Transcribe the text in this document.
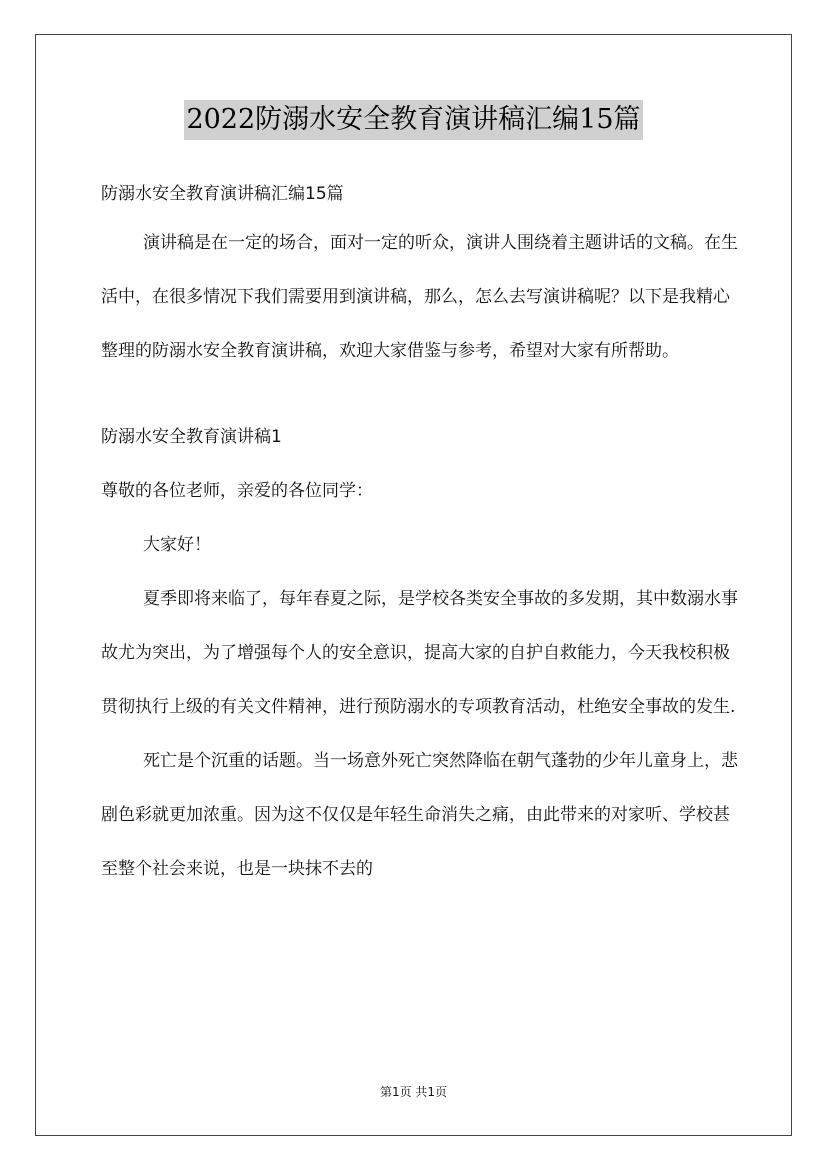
2022防溺水安全教育演讲稿汇编15篇
防溺水安全教育演讲稿汇编15篇

演讲稿是在一定的场合，面对一定的听众，演讲人围绕着主题讲话的文稿。在生活中，在很多情况下我们需要用到演讲稿，那么，怎么去写演讲稿呢？以下是我精心整理的防溺水安全教育演讲稿，欢迎大家借鉴与参考，希望对大家有所帮助。

防溺水安全教育演讲稿1
尊敬的各位老师，亲爱的各位同学：
大家好！

夏季即将来临了，每年春夏之际，是学校各类安全事故的多发期，其中数溺水事故尤为突出，为了增强每个人的安全意识，提高大家的自护自救能力，今天我校积极贯彻执行上级的有关文件精神，进行预防溺水的专项教育活动，杜绝安全事故的发生.

死亡是个沉重的话题。当一场意外死亡突然降临在朝气蓬勃的少年儿童身上，悲剧色彩就更加浓重。因为这不仅仅是年轻生命消失之痛，由此带来的对家听、学校甚至整个社会来说，也是一块抹不去的

第1页 共1页
